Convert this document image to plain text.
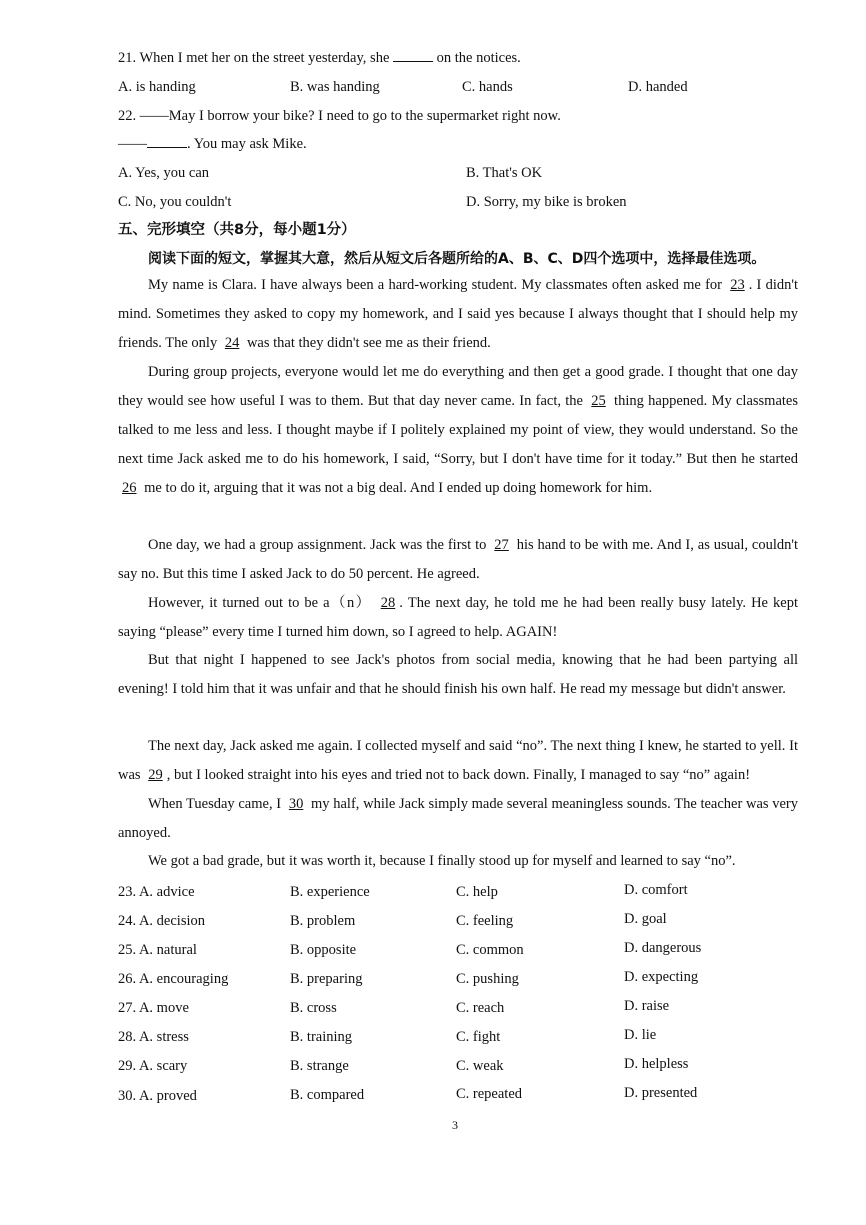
21. When I met her on the street yesterday, she	on the notices.
A. is handing	B. was handing	C. hands	D. handed
22. ——May I borrow your bike? I need to go to the supermarket right now.
——	. You may ask Mike.
A. Yes, you can	B. That's OK
C. No, you couldn't	D. Sorry, my bike is broken
五、完形填空（共8分，每小题1分）
阅读下面的短文，掌握其大意，然后从短文后各题所给的A、B、C、D四个选项中，选择最佳选项。
My name is Clara. I have always been a hard-working student. My classmates often asked me for 23 . I didn't mind. Sometimes they asked to copy my homework, and I said yes because I always thought that I should help my friends. The only 24 was that they didn't see me as their friend.
During group projects, everyone would let me do everything and then get a good grade. I thought that one day they would see how useful I was to them. But that day never came. In fact, the 25 thing happened. My classmates talked to me less and less. I thought maybe if I politely explained my point of view, they would understand. So the next time Jack asked me to do his homework, I said, “Sorry, but I don't have time for it today.” But then he started 26 me to do it, arguing that it was not a big deal. And I ended up doing homework for him.
One day, we had a group assignment. Jack was the first to 27 his hand to be with me. And I, as usual, couldn't say no. But this time I asked Jack to do 50 percent. He agreed.
However, it turned out to be a（n） 28 . The next day, he told me he had been really busy lately. He kept saying “please” every time I turned him down, so I agreed to help. AGAIN!
But that night I happened to see Jack's photos from social media, knowing that he had been partying all evening! I told him that it was unfair and that he should finish his own half. He read my message but didn't answer.
The next day, Jack asked me again. I collected myself and said “no”. The next thing I knew, he started to yell. It was 29 , but I looked straight into his eyes and tried not to back down. Finally, I managed to say “no” again!
When Tuesday came, I 30 my half, while Jack simply made several meaningless sounds. The teacher was very annoyed.
We got a bad grade, but it was worth it, because I finally stood up for myself and learned to say “no”.
23. A. advice	B. experience	C. help	D. comfort
24. A. decision	B. problem	C. feeling	D. goal
25. A. natural	B. opposite	C. common	D. dangerous
26. A. encouraging	B. preparing	C. pushing	D. expecting
27. A. move	B. cross	C. reach	D. raise
28. A. stress	B. training	C. fight	D. lie
29. A. scary	B. strange	C. weak	D. helpless
30. A. proved	B. compared	C. repeated	D. presented
3
